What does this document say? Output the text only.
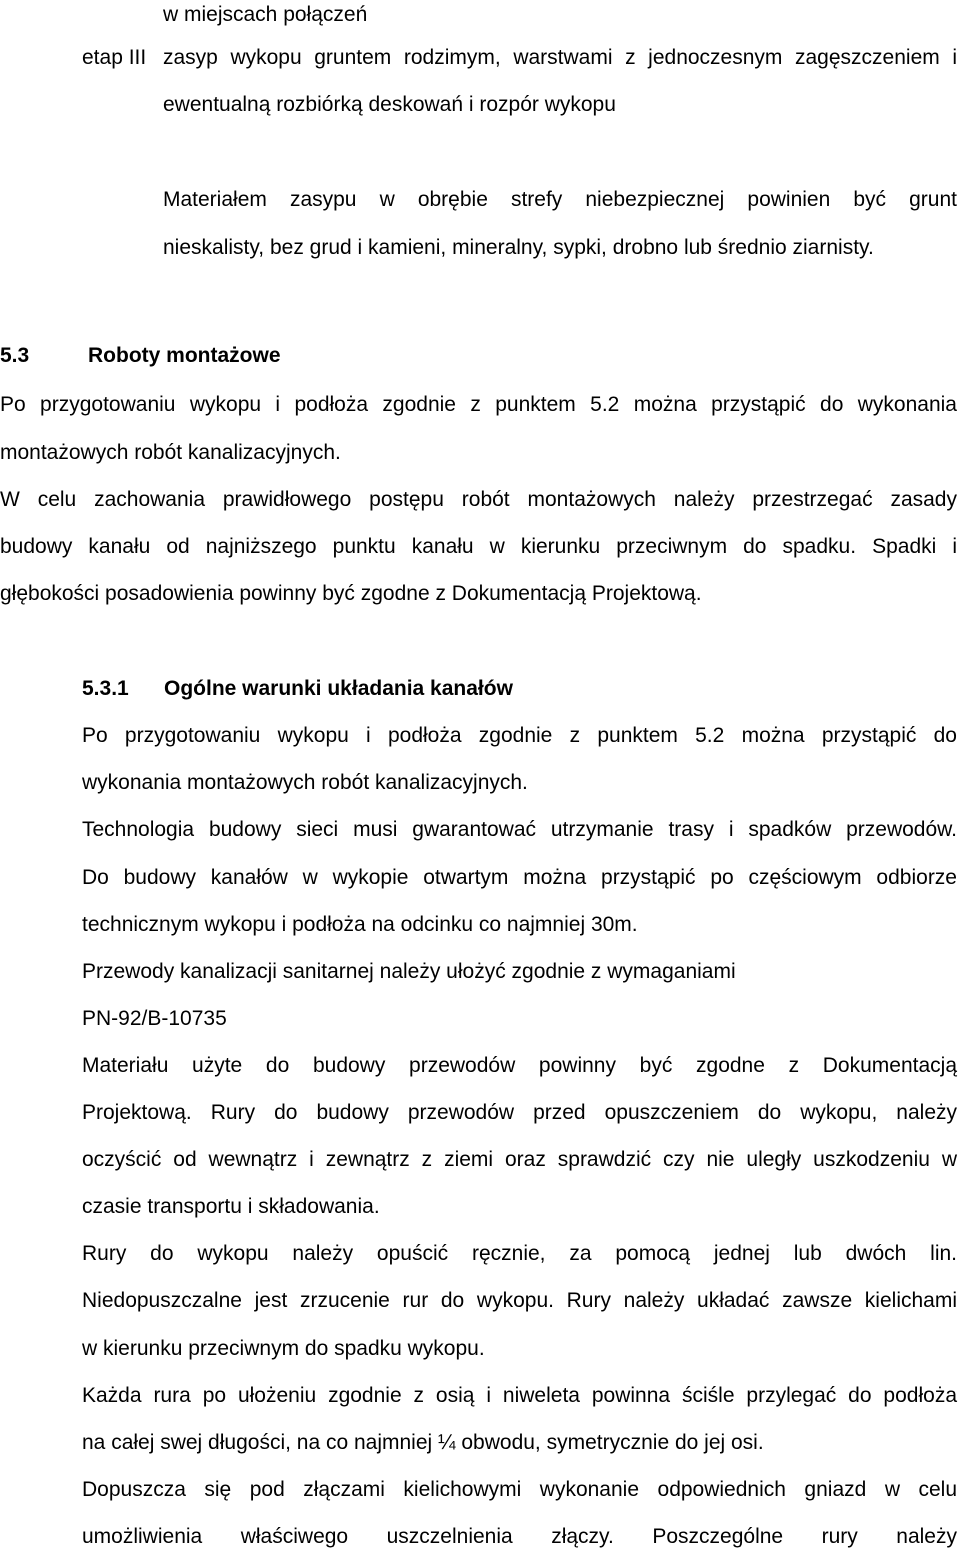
w miejscach połączeń
etap III zasyp wykopu gruntem rodzimym, warstwami z jednoczesnym zagęszczeniem i
ewentualną rozbiórką deskowań i rozpór wykopu
Materiałem zasypu w obrębie strefy niebezpiecznej powinien być grunt
nieskalisty, bez grud i kamieni, mineralny, sypki, drobno lub średnio ziarnisty.
5.3	Roboty montażowe
Po przygotowaniu wykopu i podłoża zgodnie z punktem 5.2 można przystąpić do wykonania
montażowych robót kanalizacyjnych.
W celu zachowania prawidłowego postępu robót montażowych należy przestrzegać zasady
budowy kanału od najniższego punktu kanału w kierunku przeciwnym do spadku. Spadki i
głębokości posadowienia powinny być zgodne z Dokumentacją Projektową.
5.3.1 Ogólne warunki układania kanałów
Po przygotowaniu wykopu i podłoża zgodnie z punktem 5.2 można przystąpić do
wykonania montażowych robót kanalizacyjnych.
Technologia budowy sieci musi gwarantować utrzymanie trasy i spadków przewodów.
Do budowy kanałów w wykopie otwartym można przystąpić po częściowym odbiorze
technicznym wykopu i podłoża na odcinku co najmniej 30m.
Przewody kanalizacji sanitarnej należy ułożyć zgodnie z wymaganiami
PN-92/B-10735
Materiału użyte do budowy przewodów powinny być zgodne z Dokumentacją
Projektową. Rury do budowy przewodów przed opuszczeniem do wykopu, należy
oczyścić od wewnątrz i zewnątrz z ziemi oraz sprawdzić czy nie uległy uszkodzeniu w
czasie transportu i składowania.
Rury do wykopu należy opuścić ręcznie, za pomocą jednej lub dwóch lin.
Niedopuszczalne jest zrzucenie rur do wykopu. Rury należy układać zawsze kielichami
w kierunku przeciwnym do spadku wykopu.
Każda rura po ułożeniu zgodnie z osią i niweleta powinna ściśle przylegać do podłoża
na całej swej długości, na co najmniej ¼ obwodu, symetrycznie do jej osi.
Dopuszcza się pod złączami kielichowymi wykonanie odpowiednich gniazd w celu
umożliwienia właściwego uszczelnienia złączy. Poszczególne rury należy
